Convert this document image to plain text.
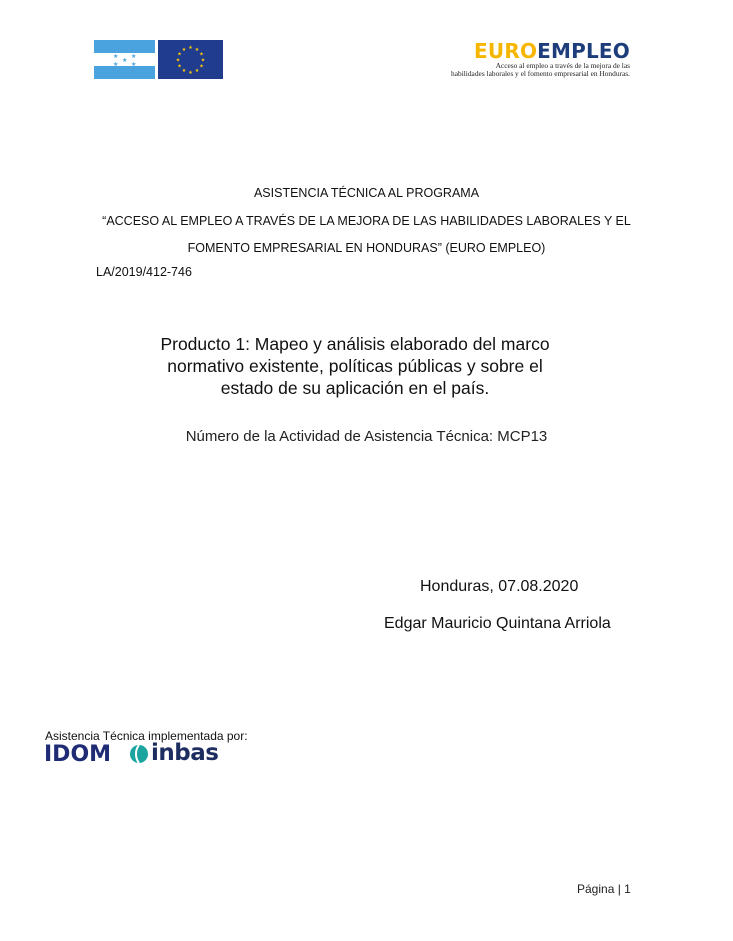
★ ★
★
★ ★
★ ★
★
★
★
★
★
★
★
★
★
★	EUROEMPLEO
Acceso al empleo a través de la mejora de las
habilidades laborales y el fomento empresarial en Honduras.
ASISTENCIA TÉCNICA AL PROGRAMA
“ACCESO AL EMPLEO A TRAVÉS DE LA MEJORA DE LAS HABILIDADES LABORALES Y EL
FOMENTO EMPRESARIAL EN HONDURAS” (EURO EMPLEO)
LA/2019/412-746
Producto 1: Mapeo y análisis elaborado del marco
normativo existente, políticas públicas y sobre el
estado de su aplicación en el país.
Número de la Actividad de Asistencia Técnica: MCP13
Honduras, 07.08.2020
Edgar Mauricio Quintana Arriola
Asistencia Técnica implementada por:
IDOM inbas
Página | 1
